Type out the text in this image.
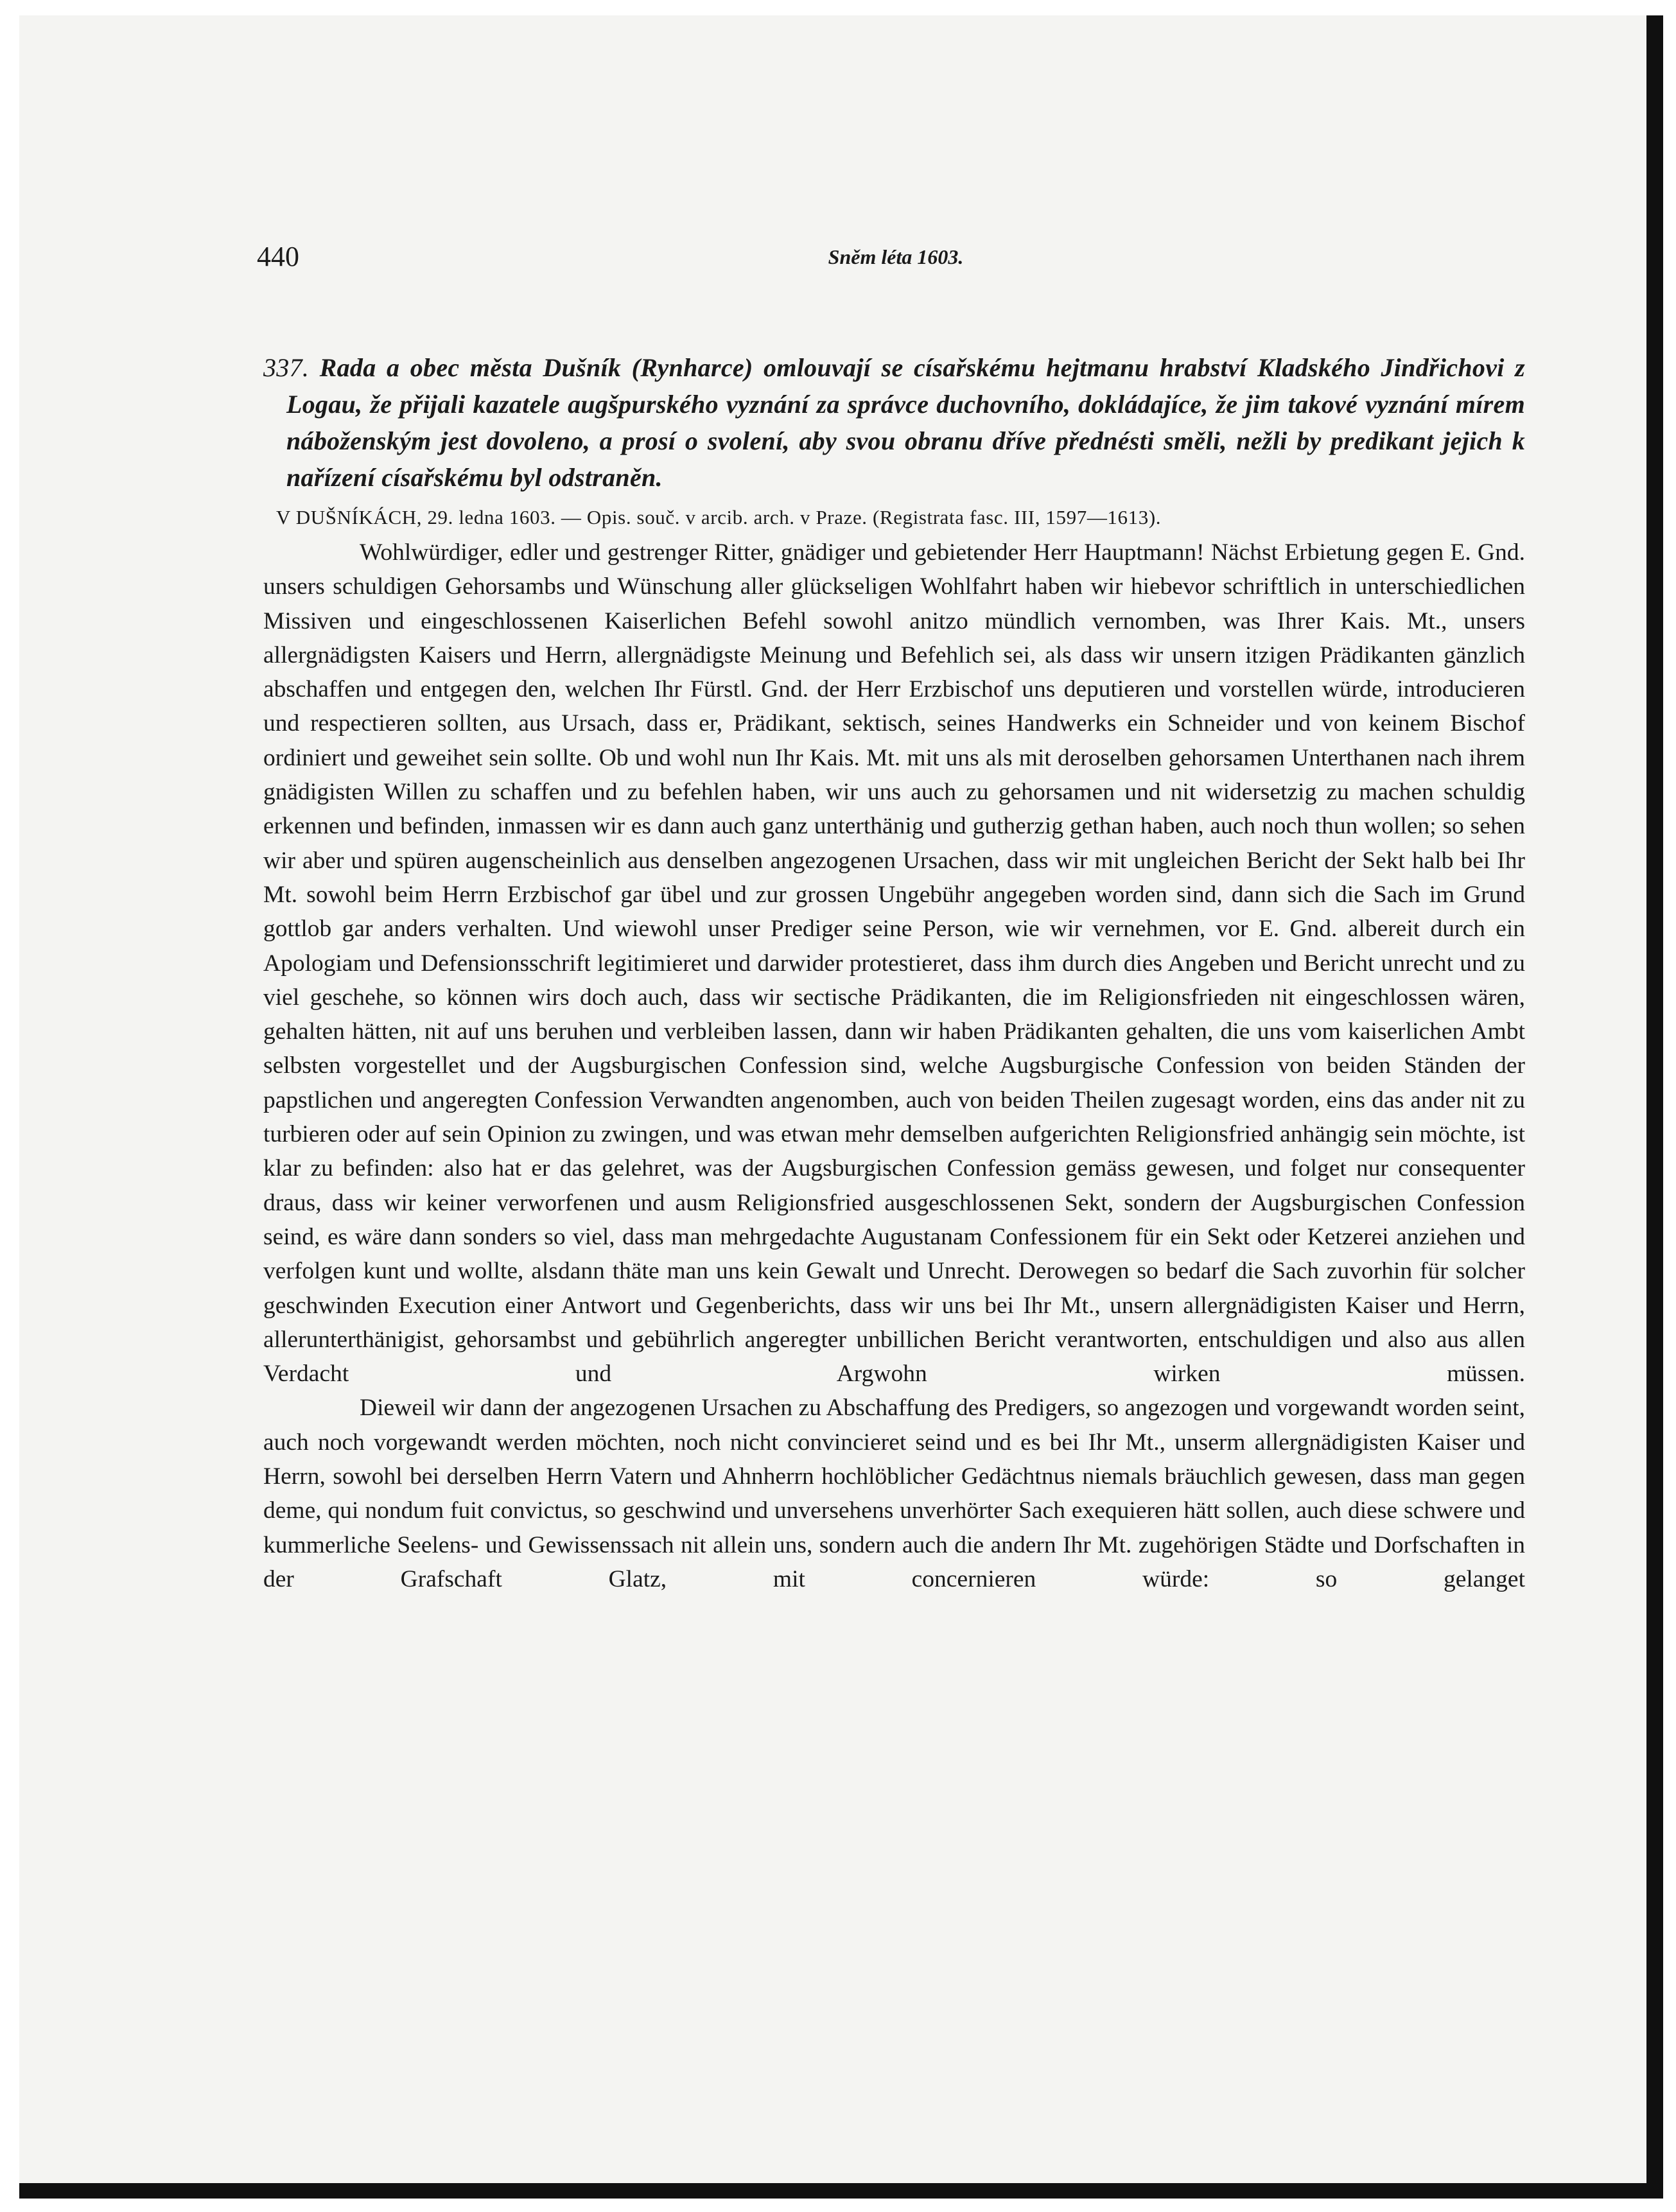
440	Sněm léta 1603.

337. Rada a obec města Dušník (Rynharce) omlouvají se císařskému hejtmanu hrabství Kladského Jindřichovi z Logau, že přijali kazatele augšpurského vyznání za správce duchovního, dokládajíce, že jim takové vyznání mírem náboženským jest dovoleno, a prosí o svolení, aby svou obranu dříve přednésti směli, nežli by predikant jejich k nařízení císařskému byl odstraněn.

V DUŠNÍKÁCH, 29. ledna 1603. — Opis. souč. v arcib. arch. v Praze. (Registrata fasc. III, 1597—1613).

Wohlwürdiger, edler und gestrenger Ritter, gnädiger und gebietender Herr Hauptmann! Nächst Erbietung gegen E. Gnd. unsers schuldigen Gehorsambs und Wünschung aller glückseligen Wohlfahrt haben wir hiebevor schriftlich in unterschiedlichen Missiven und eingeschlossenen Kaiserlichen Befehl sowohl anitzo mündlich vernomben, was Ihrer Kais. Mt., unsers allergnädigsten Kaisers und Herrn, allergnädigste Meinung und Befehlich sei, als dass wir unsern itzigen Prädikanten gänzlich abschaffen und entgegen den, welchen Ihr Fürstl. Gnd. der Herr Erzbischof uns deputieren und vorstellen würde, introducieren und respectieren sollten, aus Ursach, dass er, Prädikant, sektisch, seines Handwerks ein Schneider und von keinem Bischof ordiniert und geweihet sein sollte. Ob und wohl nun Ihr Kais. Mt. mit uns als mit deroselben gehorsamen Unterthanen nach ihrem gnädigisten Willen zu schaffen und zu befehlen haben, wir uns auch zu gehorsamen und nit widersetzig zu machen schuldig erkennen und befinden, inmassen wir es dann auch ganz unterthänig und gutherzig gethan haben, auch noch thun wollen; so sehen wir aber und spüren augenscheinlich aus denselben angezogenen Ursachen, dass wir mit ungleichen Bericht der Sekt halb bei Ihr Mt. sowohl beim Herrn Erzbischof gar übel und zur grossen Ungebühr angegeben worden sind, dann sich die Sach im Grund gottlob gar anders verhalten. Und wiewohl unser Prediger seine Person, wie wir vernehmen, vor E. Gnd. albereit durch ein Apologiam und Defensionsschrift legitimieret und darwider protestieret, dass ihm durch dies Angeben und Bericht unrecht und zu viel geschehe, so können wirs doch auch, dass wir sectische Prädikanten, die im Religionsfrieden nit eingeschlossen wären, gehalten hätten, nit auf uns beruhen und verbleiben lassen, dann wir haben Prädikanten gehalten, die uns vom kaiserlichen Ambt selbsten vorgestellet und der Augsburgischen Confession sind, welche Augsburgische Confession von beiden Ständen der papstlichen und angeregten Confession Verwandten angenomben, auch von beiden Theilen zugesagt worden, eins das ander nit zu turbieren oder auf sein Opinion zu zwingen, und was etwan mehr demselben aufgerichten Religionsfried anhängig sein möchte, ist klar zu befinden: also hat er das gelehret, was der Augsburgischen Confession gemäss gewesen, und folget nur consequenter draus, dass wir keiner verworfenen und ausm Religionsfried ausgeschlossenen Sekt, sondern der Augsburgischen Confession seind, es wäre dann sonders so viel, dass man mehrgedachte Augustanam Confessionem für ein Sekt oder Ketzerei anziehen und verfolgen kunt und wollte, alsdann thäte man uns kein Gewalt und Unrecht. Derowegen so bedarf die Sach zuvorhin für solcher geschwinden Execution einer Antwort und Gegenberichts, dass wir uns bei Ihr Mt., unsern allergnädigisten Kaiser und Herrn, allerunterthänigist, gehorsambst und gebührlich angeregter unbillichen Bericht verantworten, entschuldigen und also aus allen Verdacht und Argwohn wirken müssen.

Dieweil wir dann der angezogenen Ursachen zu Abschaffung des Predigers, so angezogen und vorgewandt worden seint, auch noch vorgewandt werden möchten, noch nicht convincieret seind und es bei Ihr Mt., unserm allergnädigisten Kaiser und Herrn, sowohl bei derselben Herrn Vatern und Ahnherrn hochlöblicher Gedächtnus niemals bräuchlich gewesen, dass man gegen deme, qui nondum fuit convictus, so geschwind und unversehens unverhörter Sach exequieren hätt sollen, auch diese schwere und kummerliche Seelens- und Gewissenssach nit allein uns, sondern auch die andern Ihr Mt. zugehörigen Städte und Dorfschaften in der Grafschaft Glatz, mit concernieren würde: so gelanget
